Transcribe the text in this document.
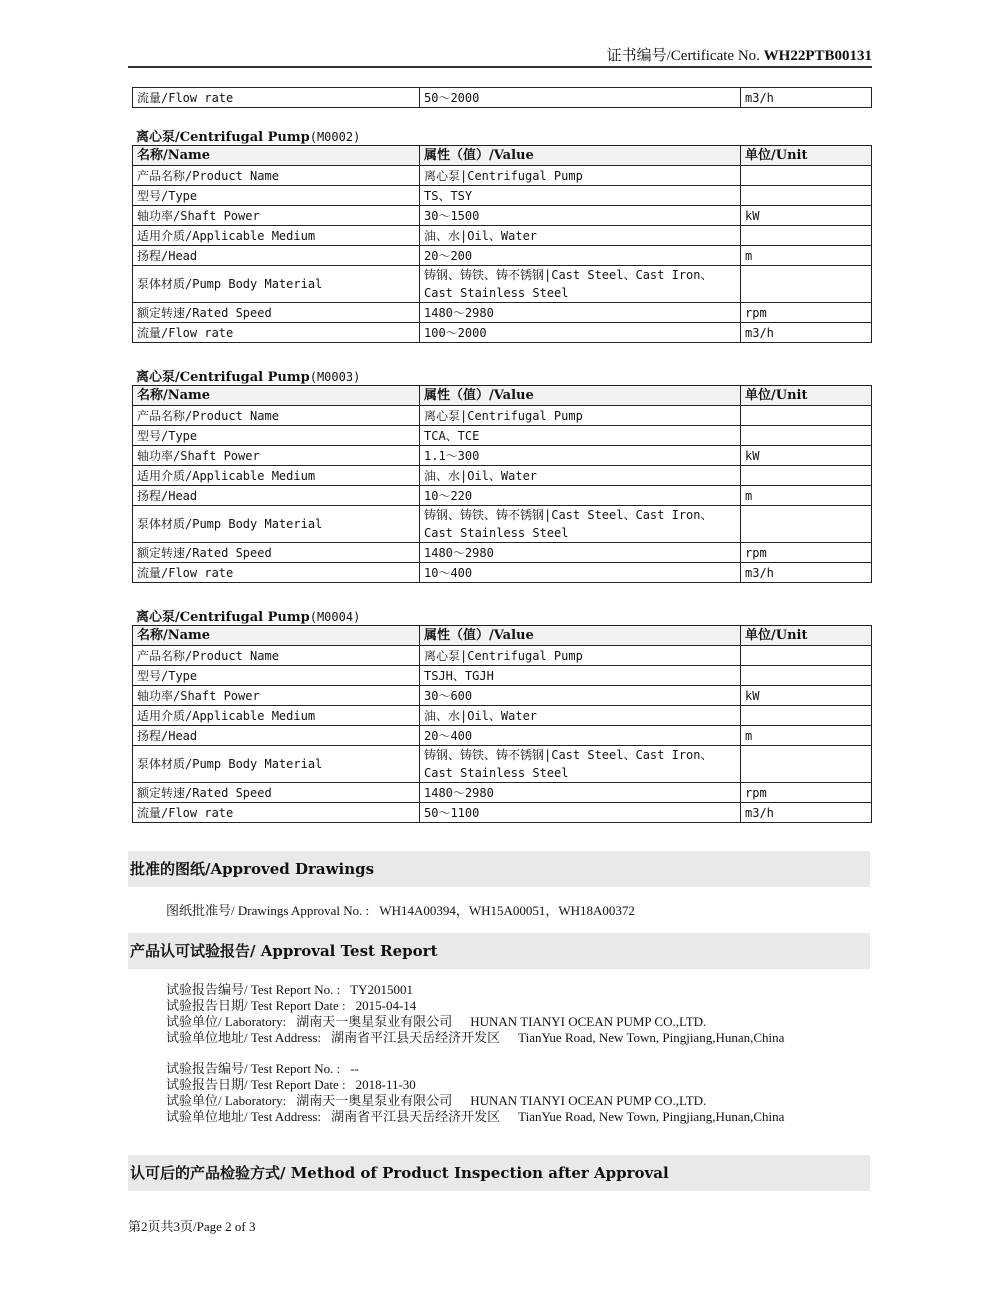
证书编号/Certificate No. WH22PTB00131
流量/Flow rate	50～2000	m3/h
离心泵/Centrifugal Pump(M0002)
名称/Name	属性（值）/Value	单位/Unit
产品名称/Product Name	离心泵|Centrifugal Pump	
型号/Type	TS、TSY	
轴功率/Shaft Power	30～1500	kW
适用介质/Applicable Medium	油、水|Oil、Water	
扬程/Head	20～200	m
泵体材质/Pump Body Material	铸钢、铸铁、铸不锈钢|Cast Steel、Cast Iron、Cast Stainless Steel	
额定转速/Rated Speed	1480～2980	rpm
流量/Flow rate	100～2000	m3/h
离心泵/Centrifugal Pump(M0003)
名称/Name	属性（值）/Value	单位/Unit
产品名称/Product Name	离心泵|Centrifugal Pump	
型号/Type	TCA、TCE	
轴功率/Shaft Power	1.1～300	kW
适用介质/Applicable Medium	油、水|Oil、Water	
扬程/Head	10～220	m
泵体材质/Pump Body Material	铸钢、铸铁、铸不锈钢|Cast Steel、Cast Iron、Cast Stainless Steel	
额定转速/Rated Speed	1480～2980	rpm
流量/Flow rate	10～400	m3/h
离心泵/Centrifugal Pump(M0004)
名称/Name	属性（值）/Value	单位/Unit
产品名称/Product Name	离心泵|Centrifugal Pump	
型号/Type	TSJH、TGJH	
轴功率/Shaft Power	30～600	kW
适用介质/Applicable Medium	油、水|Oil、Water	
扬程/Head	20～400	m
泵体材质/Pump Body Material	铸钢、铸铁、铸不锈钢|Cast Steel、Cast Iron、Cast Stainless Steel	
额定转速/Rated Speed	1480～2980	rpm
流量/Flow rate	50～1100	m3/h
批准的图纸/Approved Drawings
图纸批准号/ Drawings Approval No. : WH14A00394，WH15A00051，WH18A00372
产品认可试验报告/ Approval Test Report
试验报告编号/ Test Report No. : TY2015001
试验报告日期/ Test Report Date : 2015-04-14
试验单位/ Laboratory: 湖南天一奥星泵业有限公司 HUNAN TIANYI OCEAN PUMP CO.,LTD.
试验单位地址/ Test Address: 湖南省平江县天岳经济开发区 TianYue Road, New Town, Pingjiang,Hunan,China
试验报告编号/ Test Report No. : --
试验报告日期/ Test Report Date : 2018-11-30
试验单位/ Laboratory: 湖南天一奥星泵业有限公司 HUNAN TIANYI OCEAN PUMP CO.,LTD.
试验单位地址/ Test Address: 湖南省平江县天岳经济开发区 TianYue Road, New Town, Pingjiang,Hunan,China
认可后的产品检验方式/ Method of Product Inspection after Approval
第2页共3页/Page 2 of 3
